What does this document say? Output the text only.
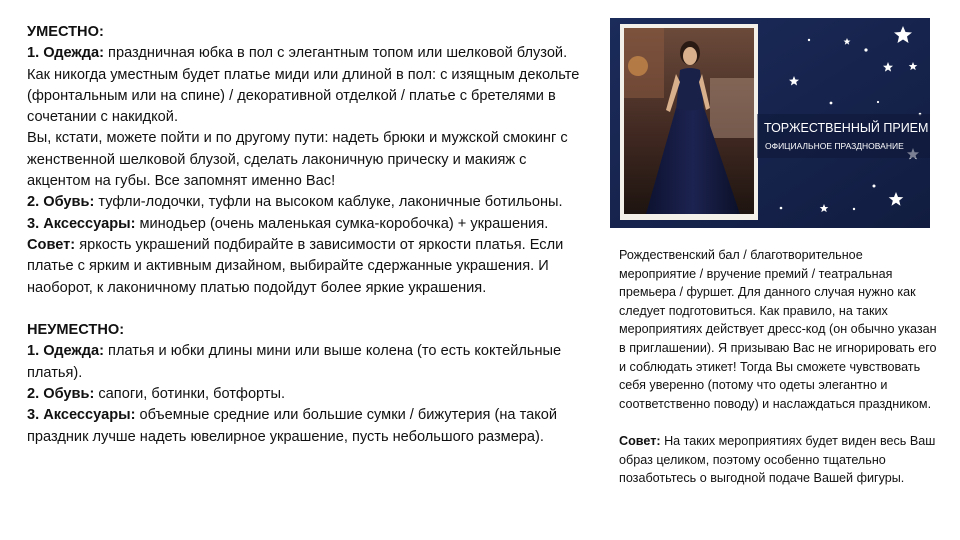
УМЕСТНО:

1. Одежда: праздничная юбка в пол с элегантным топом или шелковой блузой. Как никогда уместным будет платье миди или длиной в пол: с изящным декольте (фронтальным или на спине) / декоративной отделкой / платье с бретелями в сочетании с накидкой.

Вы, кстати, можете пойти и по другому пути: надеть брюки и мужской смокинг с женственной шелковой блузой, сделать лаконичную прическу и макияж с акцентом на губы. Все запомнят именно Вас!

2. Обувь: туфли-лодочки, туфли на высоком каблуке, лаконичные ботильоны.

3. Аксессуары: минодьер (очень маленькая сумка-коробочка) + украшения.

Совет: яркость украшений подбирайте в зависимости от яркости платья. Если платье с ярким и активным дизайном, выбирайте сдержанные украшения. И наоборот, к лаконичному платью подойдут более яркие украшения.

НЕУМЕСТНО:

1. Одежда: платья и юбки длины мини или выше колена (то есть коктейльные платья).

2. Обувь: сапоги, ботинки, ботфорты.

3. Аксессуары: объемные средние или большие сумки / бижутерия (на такой праздник лучше надеть ювелирное украшение, пусть небольшого размера).

ТОРЖЕСТВЕННЫЙ ПРИЕМ
ОФИЦИАЛЬНОЕ ПРАЗДНОВАНИЕ

Рождественский бал / благотворительное мероприятие / вручение премий / театральная премьера / фуршет. Для данного случая нужно как следует подготовиться. Как правило, на таких мероприятиях действует дресс-код (он обычно указан в приглашении). Я призываю Вас не игнорировать его и соблюдать этикет! Тогда Вы сможете чувствовать себя уверенно (потому что одеты элегантно и соответственно поводу) и наслаждаться праздником.

Совет: На таких мероприятиях будет виден весь Ваш образ целиком, поэтому особенно тщательно позаботьтесь о выгодной подаче Вашей фигуры.
